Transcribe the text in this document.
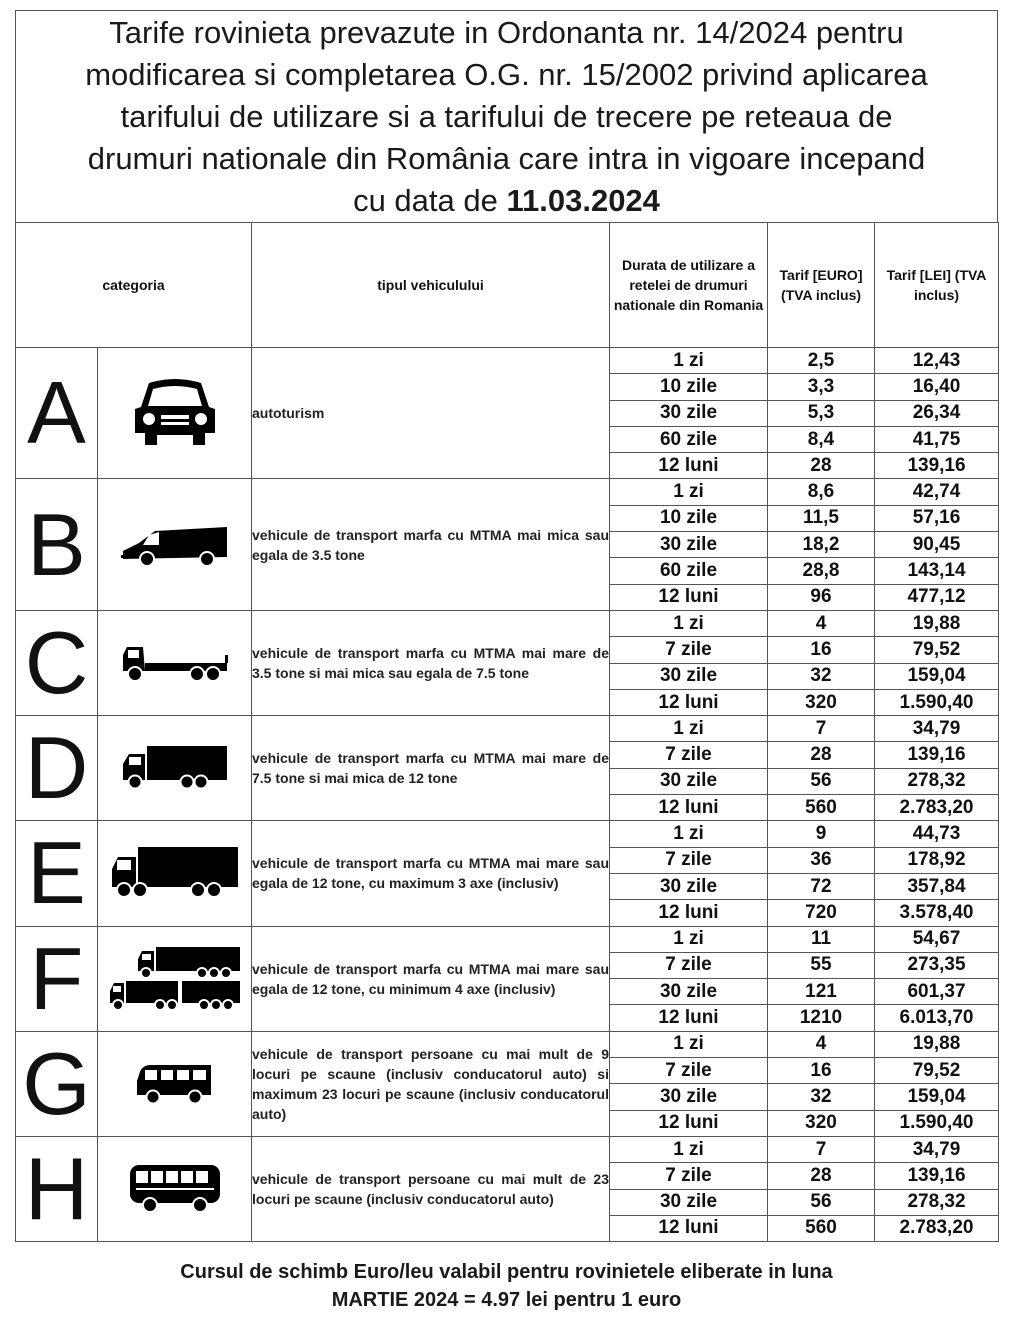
Tarife rovinieta prevazute in Ordonanta nr. 14/2024 pentru
modificarea si completarea O.G. nr. 15/2002 privind aplicarea
tarifului de utilizare si a tarifului de trecere pe reteaua de
drumuri nationale din România care intra in vigoare incepand
cu data de 11.03.2024
categoria		tipul vehiculului	Durata de utilizare a retelei de drumuri nationale din Romania	Tarif [EURO] (TVA inclus)	Tarif [LEI] (TVA inclus)
A		autoturism	1 zi	2,5	12,43
			10 zile	3,3	16,40
			30 zile	5,3	26,34
			60 zile	8,4	41,75
			12 luni	28	139,16
B		vehicule de transport marfa cu MTMA mai mica sau egala de 3.5 tone	1 zi	8,6	42,74
			10 zile	11,5	57,16
			30 zile	18,2	90,45
			60 zile	28,8	143,14
			12 luni	96	477,12
C		vehicule de transport marfa cu MTMA mai mare de 3.5 tone si mai mica sau egala de 7.5 tone	1 zi	4	19,88
			7 zile	16	79,52
			30 zile	32	159,04
			12 luni	320	1.590,40
D		vehicule de transport marfa cu MTMA mai mare de 7.5 tone si mai mica de 12 tone	1 zi	7	34,79
			7 zile	28	139,16
			30 zile	56	278,32
			12 luni	560	2.783,20
E		vehicule de transport marfa cu MTMA mai mare sau egala de 12 tone, cu maximum 3 axe (inclusiv)	1 zi	9	44,73
			7 zile	36	178,92
			30 zile	72	357,84
			12 luni	720	3.578,40
F		vehicule de transport marfa cu MTMA mai mare sau egala de 12 tone, cu minimum 4 axe (inclusiv)	1 zi	11	54,67
			7 zile	55	273,35
			30 zile	121	601,37
			12 luni	1210	6.013,70
G		vehicule de transport persoane cu mai mult de 9 locuri pe scaune (inclusiv conducatorul auto) si maximum 23 locuri pe scaune (inclusiv conducatorul auto)	1 zi	4	19,88
			7 zile	16	79,52
			30 zile	32	159,04
			12 luni	320	1.590,40
H		vehicule de transport persoane cu mai mult de 23 locuri pe scaune (inclusiv conducatorul auto)	1 zi	7	34,79
			7 zile	28	139,16
			30 zile	56	278,32
			12 luni	560	2.783,20
Cursul de schimb Euro/leu valabil pentru rovinietele eliberate in luna
MARTIE 2024 = 4.97 lei pentru 1 euro
